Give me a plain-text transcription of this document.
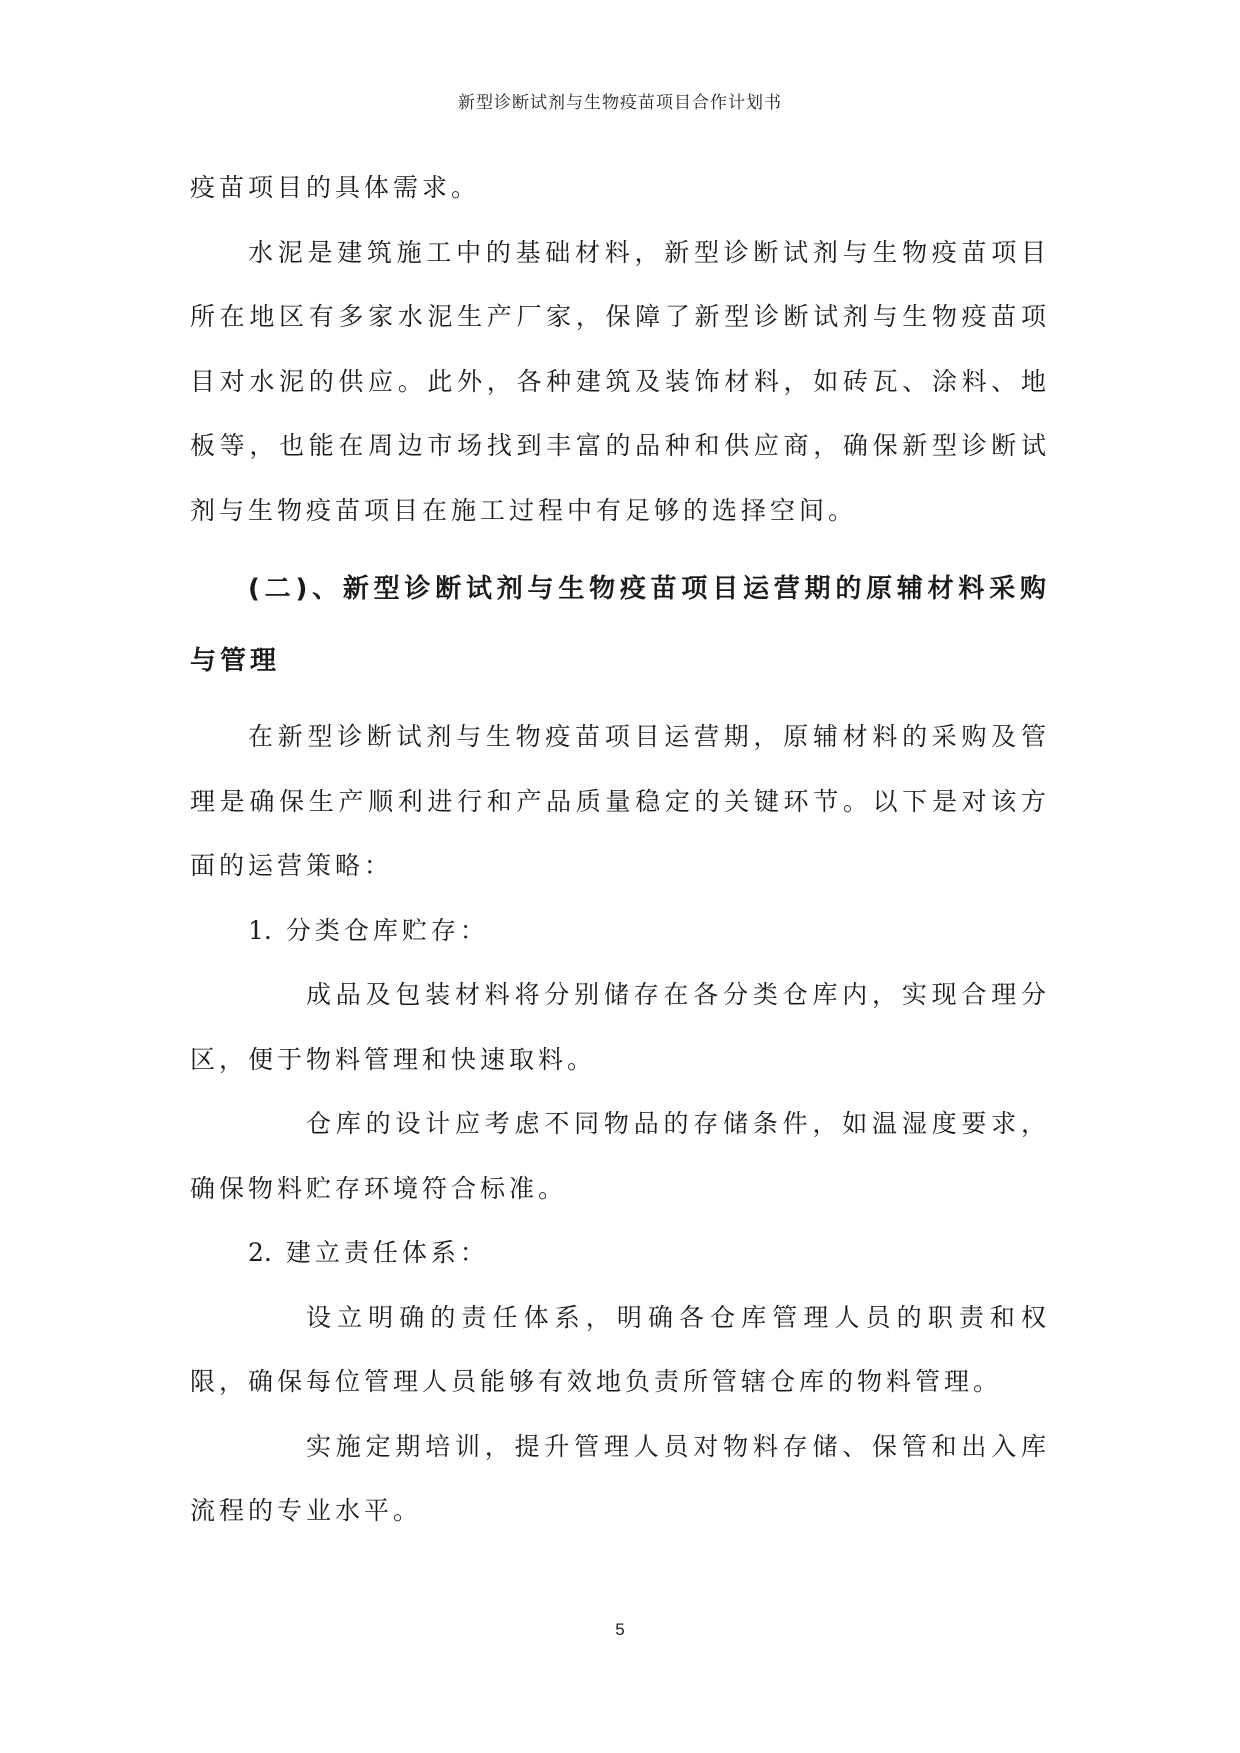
新型诊断试剂与生物疫苗项目合作计划书

疫苗项目的具体需求。

水泥是建筑施工中的基础材料，新型诊断试剂与生物疫苗项目所在地区有多家水泥生产厂家，保障了新型诊断试剂与生物疫苗项目对水泥的供应。此外，各种建筑及装饰材料，如砖瓦、涂料、地板等，也能在周边市场找到丰富的品种和供应商，确保新型诊断试剂与生物疫苗项目在施工过程中有足够的选择空间。

(二)、新型诊断试剂与生物疫苗项目运营期的原辅材料采购与管理

在新型诊断试剂与生物疫苗项目运营期，原辅材料的采购及管理是确保生产顺利进行和产品质量稳定的关键环节。以下是对该方面的运营策略：

1. 分类仓库贮存：

成品及包装材料将分别储存在各分类仓库内，实现合理分区，便于物料管理和快速取料。

仓库的设计应考虑不同物品的存储条件，如温湿度要求，确保物料贮存环境符合标准。

2. 建立责任体系：

设立明确的责任体系，明确各仓库管理人员的职责和权限，确保每位管理人员能够有效地负责所管辖仓库的物料管理。

实施定期培训，提升管理人员对物料存储、保管和出入库流程的专业水平。

5
